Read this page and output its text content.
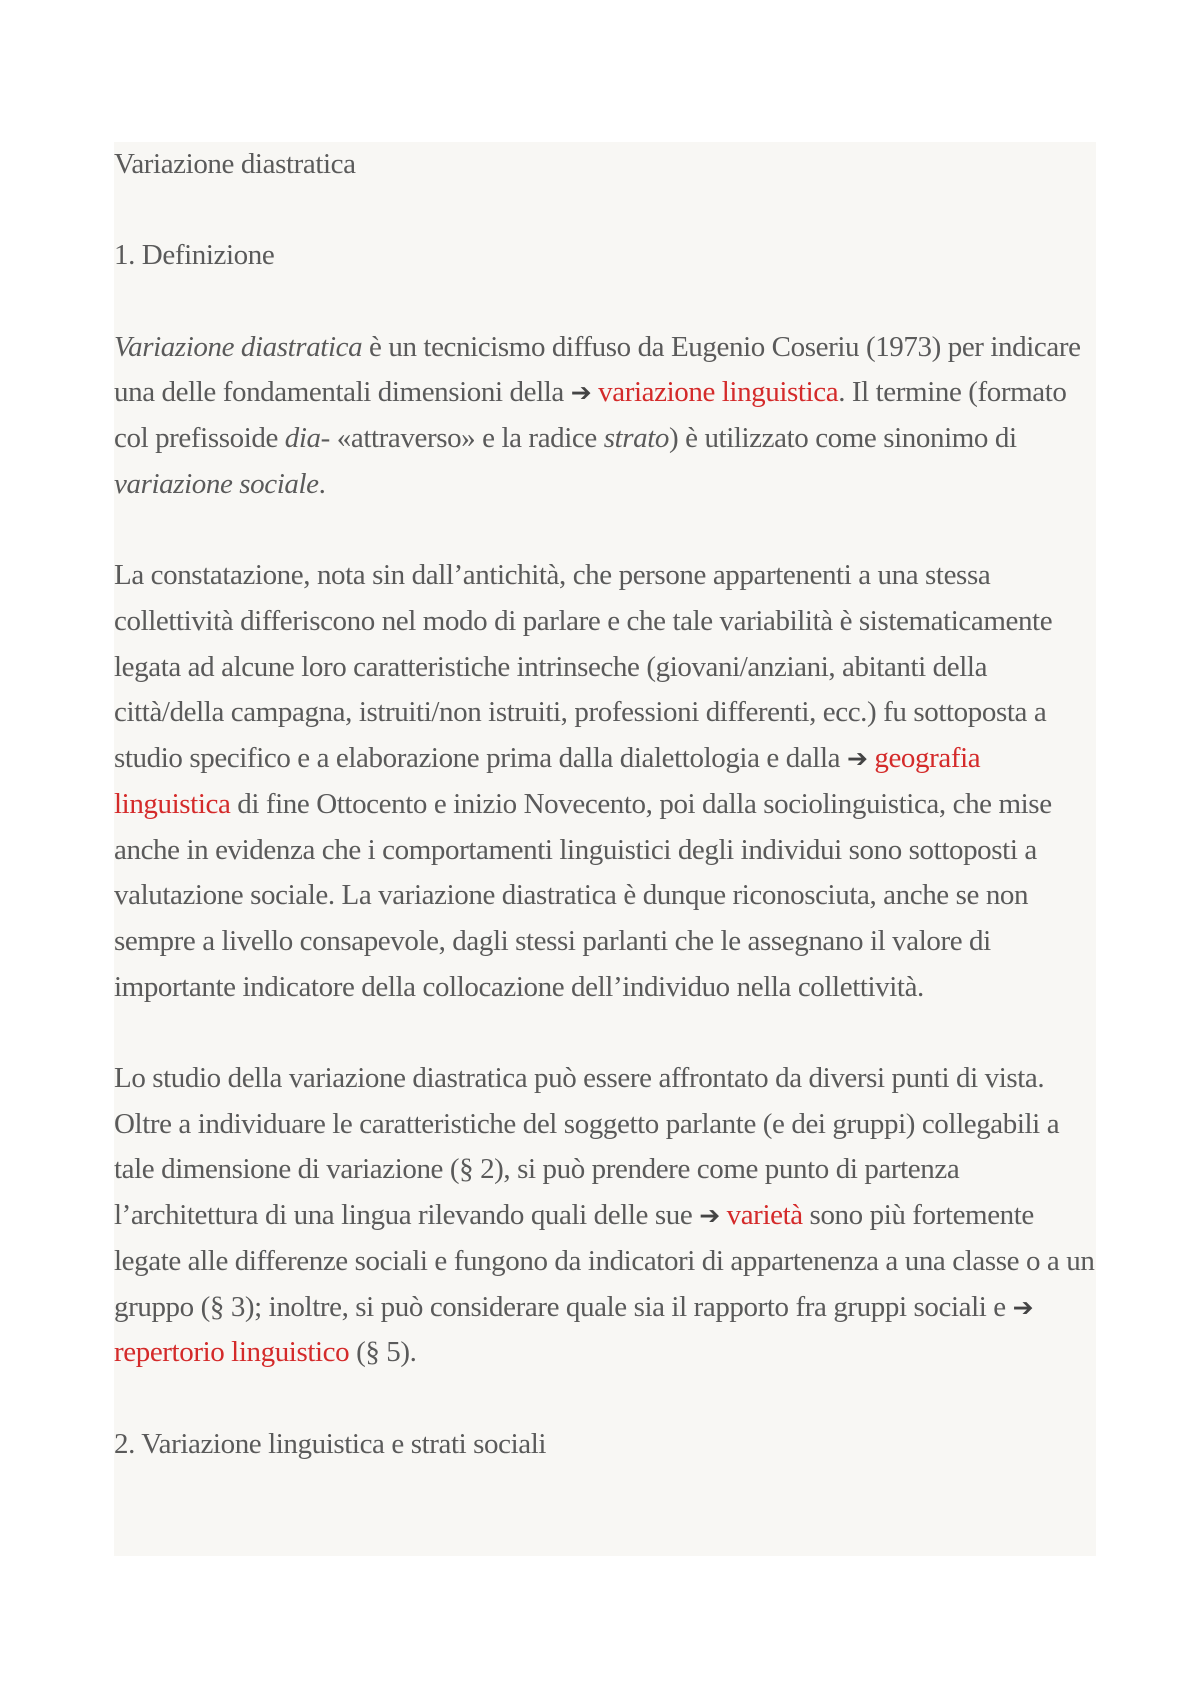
Variazione diastratica

1. Definizione

Variazione diastratica è un tecnicismo diffuso da Eugenio Coseriu (1973) per indicare una delle fondamentali dimensioni della ➔ variazione linguistica. Il termine (formato col prefissoide dia- «attraverso» e la radice strato) è utilizzato come sinonimo di variazione sociale.

La constatazione, nota sin dall’antichità, che persone appartenenti a una stessa collettività differiscono nel modo di parlare e che tale variabilità è sistematicamente legata ad alcune loro caratteristiche intrinseche (giovani/anziani, abitanti della città/della campagna, istruiti/non istruiti, professioni differenti, ecc.) fu sottoposta a studio specifico e a elaborazione prima dalla dialettologia e dalla ➔ geografia linguistica di fine Ottocento e inizio Novecento, poi dalla sociolinguistica, che mise anche in evidenza che i comportamenti linguistici degli individui sono sottoposti a valutazione sociale. La variazione diastratica è dunque riconosciuta, anche se non sempre a livello consapevole, dagli stessi parlanti che le assegnano il valore di importante indicatore della collocazione dell’individuo nella collettività.

Lo studio della variazione diastratica può essere affrontato da diversi punti di vista. Oltre a individuare le caratteristiche del soggetto parlante (e dei gruppi) collegabili a tale dimensione di variazione (§ 2), si può prendere come punto di partenza l’architettura di una lingua rilevando quali delle sue ➔ varietà sono più fortemente legate alle differenze sociali e fungono da indicatori di appartenenza a una classe o a un gruppo (§ 3); inoltre, si può considerare quale sia il rapporto fra gruppi sociali e ➔ repertorio linguistico (§ 5).

2. Variazione linguistica e strati sociali
